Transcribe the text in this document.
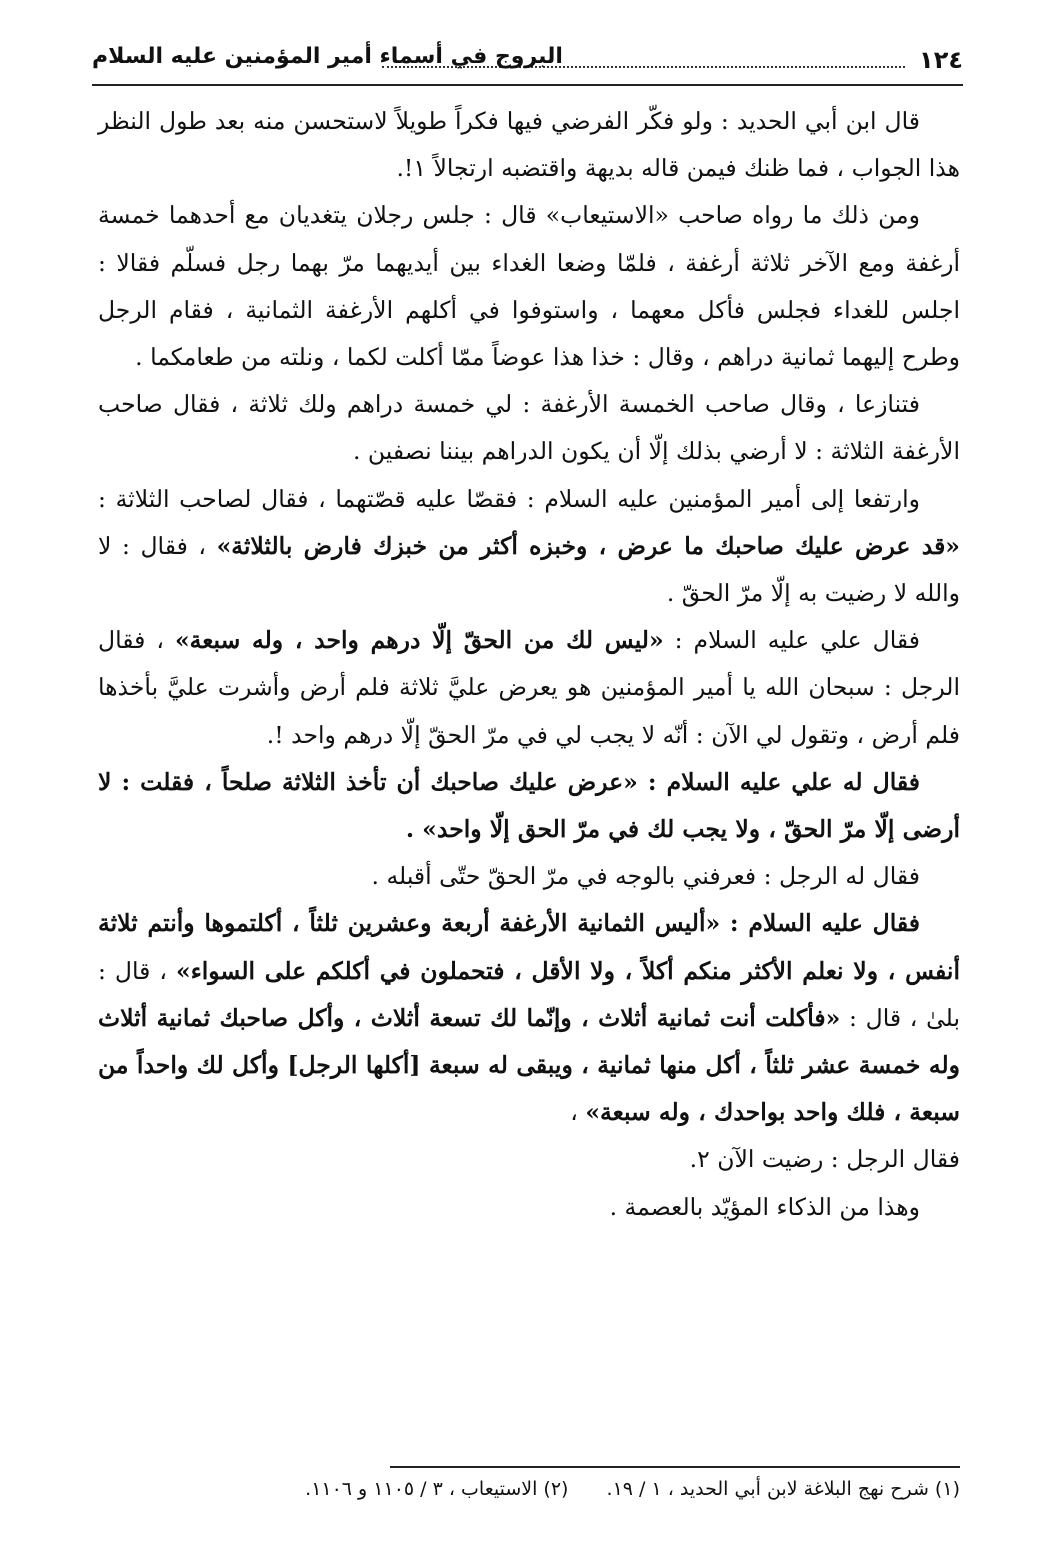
١٢٤
البروج في أسماء أمير المؤمنين عليه السلام

قال ابن أبي الحديد : ولو فكّر الفرضي فيها فكراً طويلاً لاستحسن منه بعد طول النظر هذا الجواب ، فما ظنك فيمن قاله بديهة واقتضبه ارتجالاً ١!.

ومن ذلك ما رواه صاحب «الاستيعاب» قال : جلس رجلان يتغديان مع أحدهما خمسة أرغفة ومع الآخر ثلاثة أرغفة ، فلمّا وضعا الغداء بين أيديهما مرّ بهما رجل فسلّم فقالا : اجلس للغداء فجلس فأكل معهما ، واستوفوا في أكلهم الأرغفة الثمانية ، فقام الرجل وطرح إليهما ثمانية دراهم ، وقال : خذا هذا عوضاً ممّا أكلت لكما ، ونلته من طعامكما .

فتنازعا ، وقال صاحب الخمسة الأرغفة : لي خمسة دراهم ولك ثلاثة ، فقال صاحب الأرغفة الثلاثة : لا أرضي بذلك إلّا أن يكون الدراهم بيننا نصفين .

وارتفعا إلى أمير المؤمنين عليه السلام : فقصّا عليه قصّتهما ، فقال لصاحب الثلاثة : «قد عرض عليك صاحبك ما عرض ، وخبزه أكثر من خبزك فارض بالثلاثة» ، فقال : لا والله لا رضيت به إلّا مرّ الحقّ .

فقال علي عليه السلام : «ليس لك من الحقّ إلّا درهم واحد ، وله سبعة» ، فقال الرجل : سبحان الله يا أمير المؤمنين هو يعرض عليَّ ثلاثة فلم أرض وأشرت عليَّ بأخذها فلم أرض ، وتقول لي الآن : أنّه لا يجب لي في مرّ الحقّ إلّا درهم واحد !.

فقال له علي عليه السلام : «عرض عليك صاحبك أن تأخذ الثلاثة صلحاً ، فقلت : لا أرضى إلّا مرّ الحقّ ، ولا يجب لك في مرّ الحق إلّا واحد» .

فقال له الرجل : فعرفني بالوجه في مرّ الحقّ حتّى أقبله .

فقال عليه السلام : «أليس الثمانية الأرغفة أربعة وعشرين ثلثاً ، أكلتموها وأنتم ثلاثة أنفس ، ولا نعلم الأكثر منكم أكلاً ، ولا الأقل ، فتحملون في أكلكم على السواء» ، قال : بلىٰ ، قال : «فأكلت أنت ثمانية أثلاث ، وإنّما لك تسعة أثلاث ، وأكل صاحبك ثمانية أثلاث وله خمسة عشر ثلثاً ، أكل منها ثمانية ، ويبقى له سبعة [أكلها الرجل] وأكل لك واحداً من سبعة ، فلك واحد بواحدك ، وله سبعة» ،

فقال الرجل : رضيت الآن ٢.

وهذا من الذكاء المؤيّد بالعصمة .

(١) شرح نهج البلاغة لابن أبي الحديد ، ١ / ١٩. (٢) الاستيعاب ، ٣ / ١١٠٥ و ١١٠٦.
